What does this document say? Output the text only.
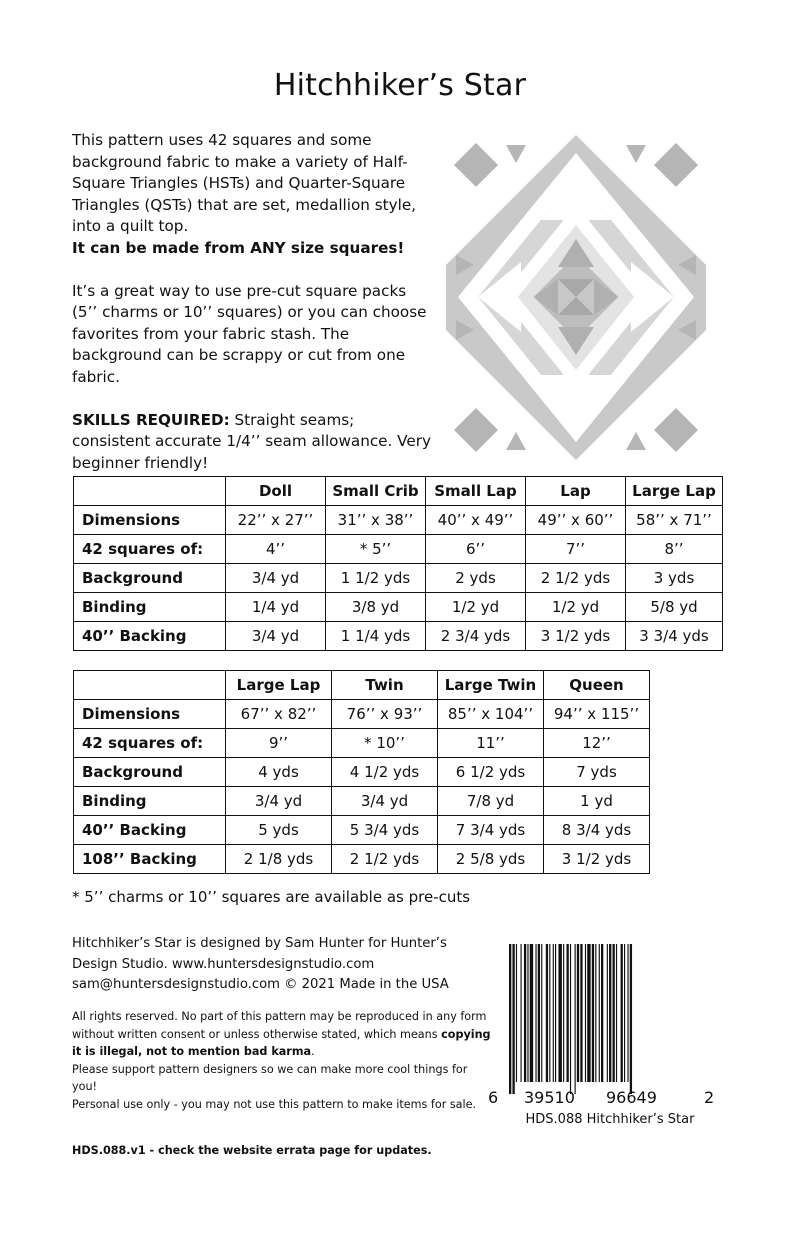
Hitchhiker’s Star

This pattern uses 42 squares and some background fabric to make a variety of Half-Square Triangles (HSTs) and Quarter-Square Triangles (QSTs) that are set, medallion style, into a quilt top.
It can be made from ANY size squares!

It’s a great way to use pre-cut square packs (5’’ charms or 10’’ squares) or you can choose favorites from your fabric stash. The background can be scrappy or cut from one fabric.

SKILLS REQUIRED: Straight seams; consistent accurate 1/4’’ seam allowance. Very beginner friendly!

	Doll	Small Crib	Small Lap	Lap	Large Lap
Dimensions	22’’ x 27’’	31’’ x 38’’	40’’ x 49’’	49’’ x 60’’	58’’ x 71’’
42 squares of:	4’’	* 5’’	6’’	7’’	8’’
Background	3/4 yd	1 1/2 yds	2 yds	2 1/2 yds	3 yds
Binding	1/4 yd	3/8 yd	1/2 yd	1/2 yd	5/8 yd
40’’ Backing	3/4 yd	1 1/4 yds	2 3/4 yds	3 1/2 yds	3 3/4 yds
	Large Lap	Twin	Large Twin	Queen
Dimensions	67’’ x 82’’	76’’ x 93’’	85’’ x 104’’	94’’ x 115’’
42 squares of:	9’’	* 10’’	11’’	12’’
Background	4 yds	4 1/2 yds	6 1/2 yds	7 yds
Binding	3/4 yd	3/4 yd	7/8 yd	1 yd
40’’ Backing	5 yds	5 3/4 yds	7 3/4 yds	8 3/4 yds
108’’ Backing	2 1/8 yds	2 1/2 yds	2 5/8 yds	3 1/2 yds
* 5’’ charms or 10’’ squares are available as pre-cuts
Hitchhiker’s Star is designed by Sam Hunter for Hunter’s
Design Studio. www.huntersdesignstudio.com
sam@huntersdesignstudio.com © 2021 Made in the USA
All rights reserved. No part of this pattern may be reproduced in any form without written consent or unless otherwise stated, which means copying it is illegal, not to mention bad karma.
Please support pattern designers so we can make more cool things for you!
Personal use only - you may not use this pattern to make items for sale.
HDS.088.v1 - check the website errata page for updates.
6 39510 96649	2
HDS.088 Hitchhiker’s Star
